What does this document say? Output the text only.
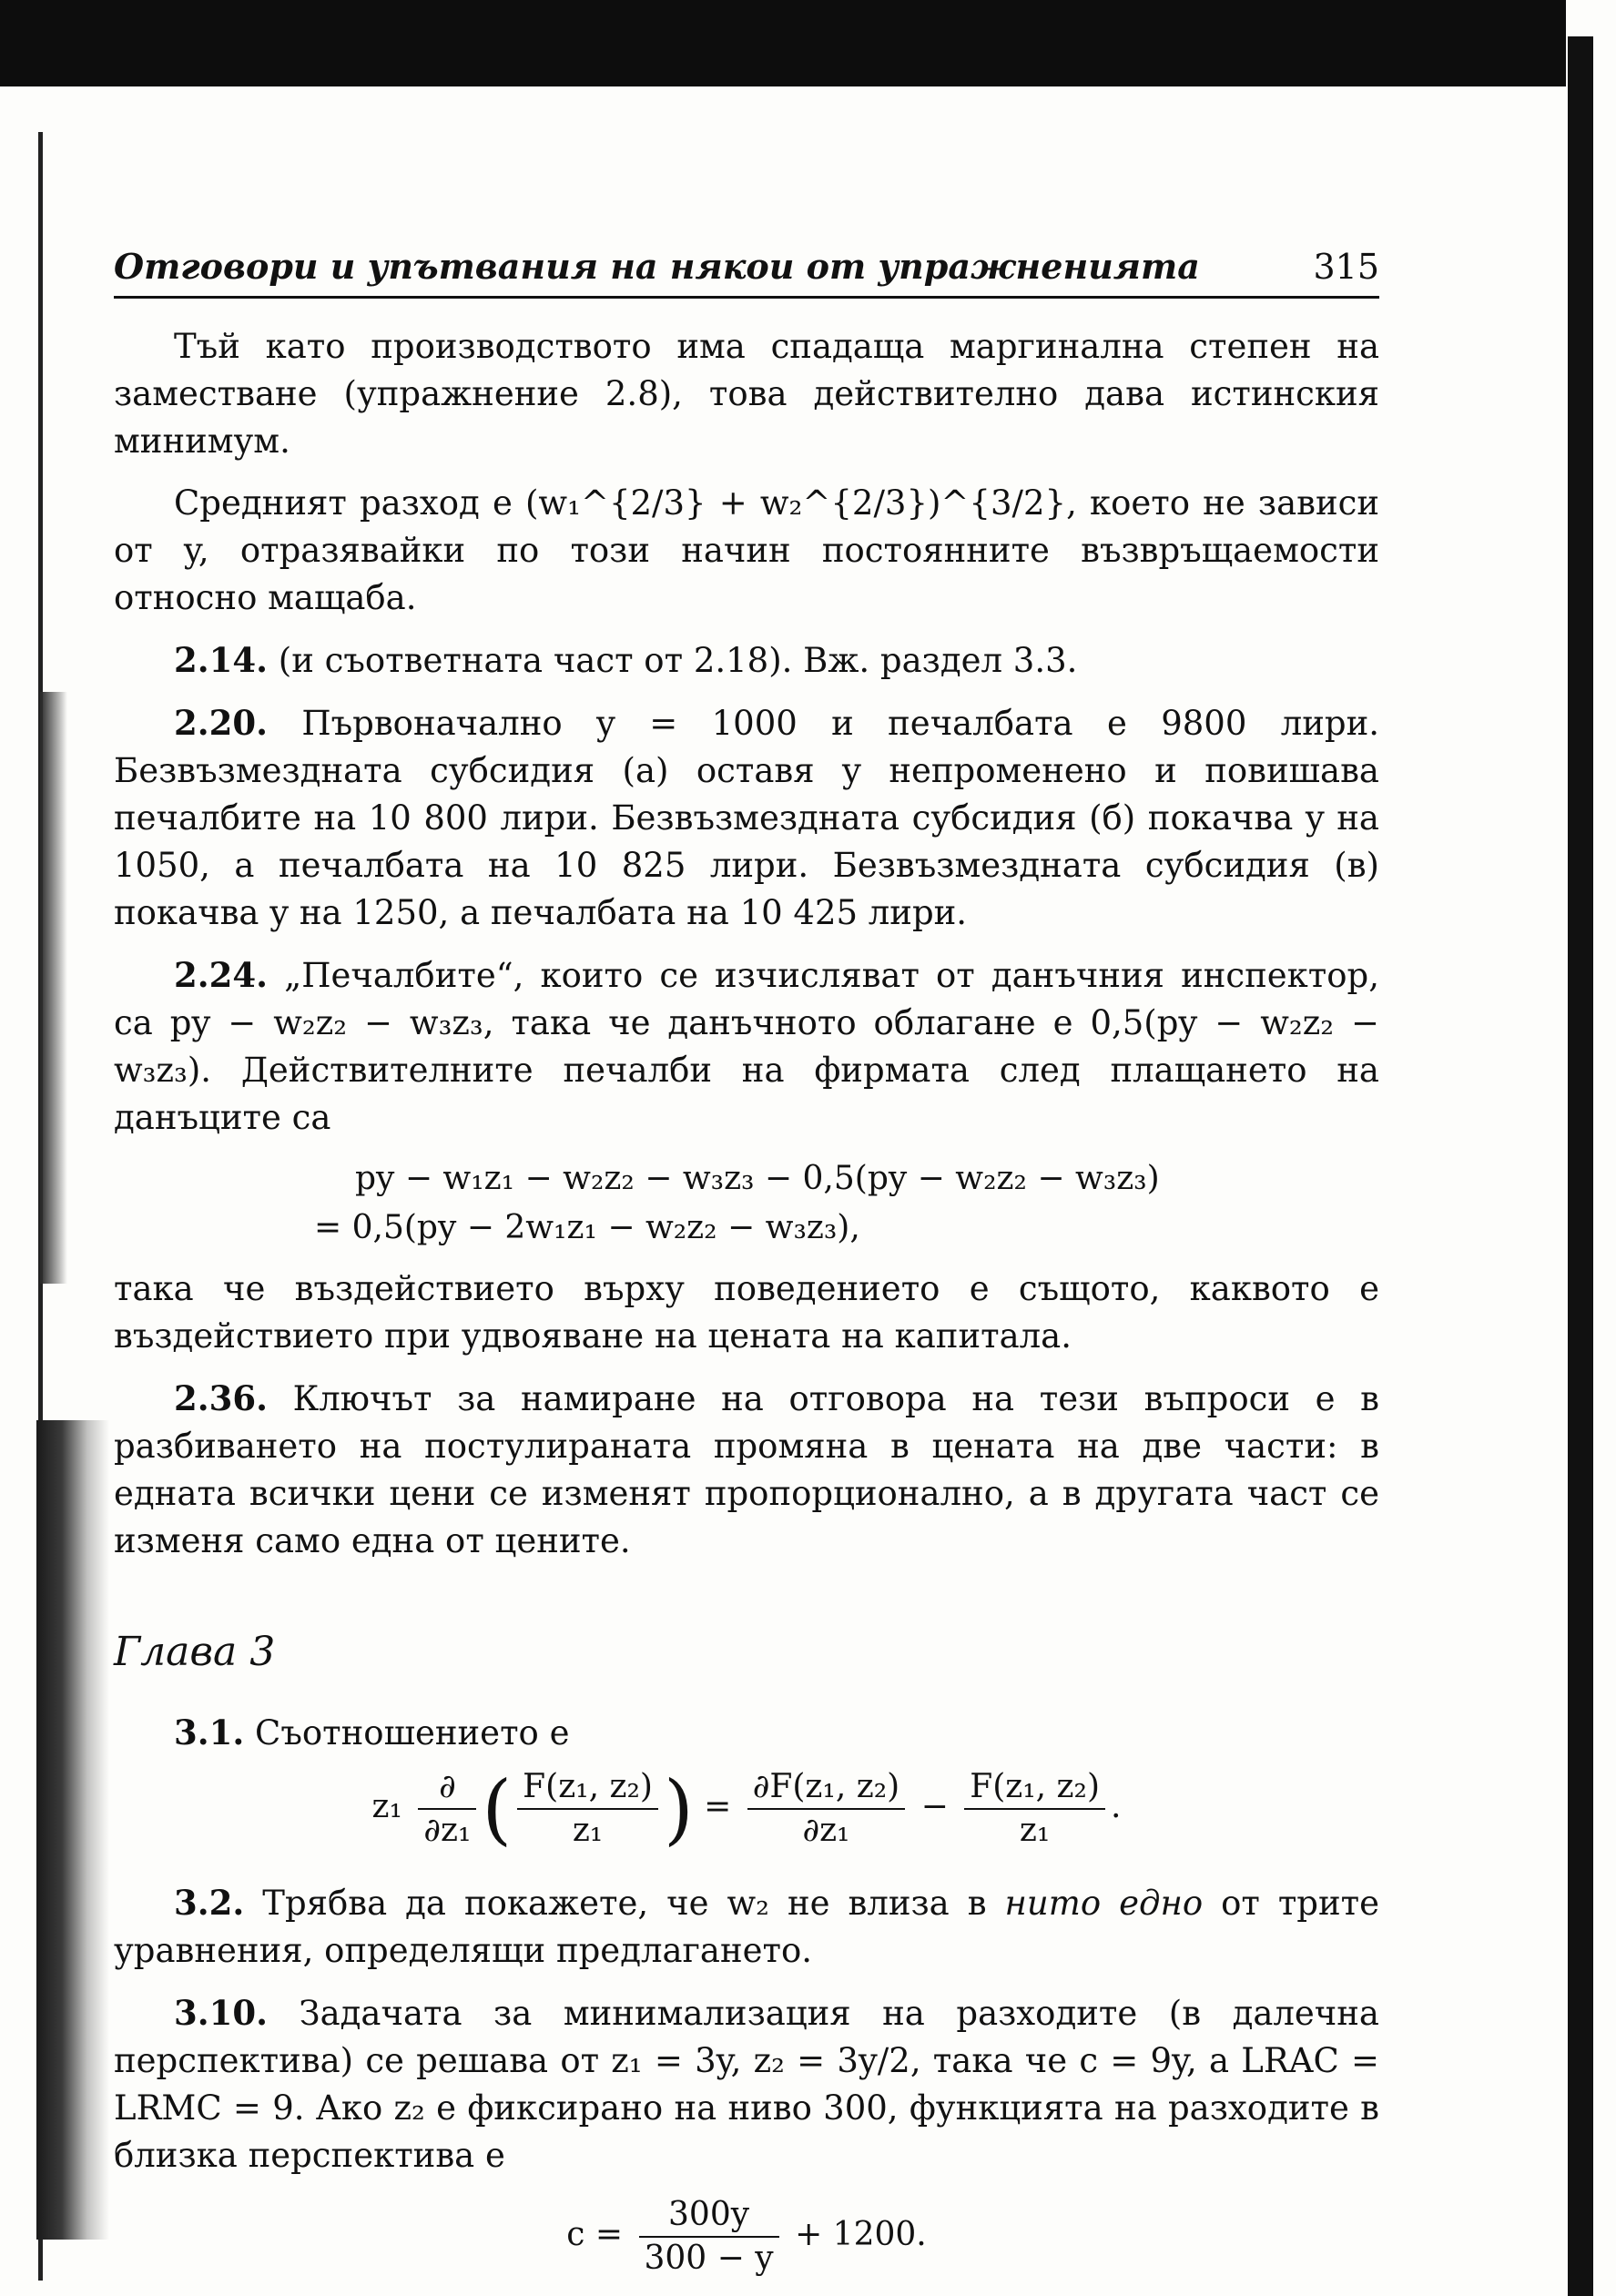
Отговори и упътвания на някои от упражненията	315

Тъй като производството има спадаща маргинална степен на заместване (упражнение 2.8), това действително дава истинския минимум.

Средният разход е (w₁^{2/3} + w₂^{2/3})^{3/2}, което не зависи от y, отразявайки по този начин постоянните възвръщаемости относно мащаба.

2.14. (и съответната част от 2.18). Вж. раздел 3.3.

2.20. Първоначално y = 1000 и печалбата е 9800 лири. Безвъзмездната субсидия (а) оставя y непроменено и повишава печалбите на 10 800 лири. Безвъзмездната субсидия (б) покачва y на 1050, а печалбата на 10 825 лири. Безвъзмездната субсидия (в) покачва y на 1250, а печалбата на 10 425 лири.

2.24. „Печалбите“, които се изчисляват от данъчния инспектор, са py − w₂z₂ − w₃z₃, така че данъчното облагане е 0,5(py − w₂z₂ − w₃z₃). Действителните печалби на фирмата след плащането на данъците са

py − w₁z₁ − w₂z₂ − w₃z₃ − 0,5(py − w₂z₂ − w₃z₃)
= 0,5(py − 2w₁z₁ − w₂z₂ − w₃z₃),

така че въздействието върху поведението е същото, каквото е въздействието при удвояване на цената на капитала.

2.36. Ключът за намиране на отговора на тези въпроси е в разбиването на постулираната промяна в цената на две части: в едната всички цени се изменят пропорционално, а в другата част се изменя само една от цените.

Глава 3

3.1. Съотношението е

$z_1 \frac{\partial}{\text{∂z₁}}$ ( $\frac{\text{F(z₁, z₂)}}{\text{z₁}}$ ) = $\frac{\text{∂F(z₁, z₂)}}{\text{∂z₁}} - \frac{\text{F(z₁, z₂)}}{\text{z₁}}$ .

3.2. Трябва да покажете, че w₂ не влиза в нито едно от трите уравнения, определящи предлагането.

3.10. Задачата за минимализация на разходите (в далечна перспектива) се решава от z₁ = 3y, z₂ = 3y/2, така че c = 9y, а LRAC = LRMC = 9. Ако z₂ е фиксирано на ниво 300, функцията на разходите в близка перспектива е

$c = \frac{300y}{300 - y} + 1200$.
